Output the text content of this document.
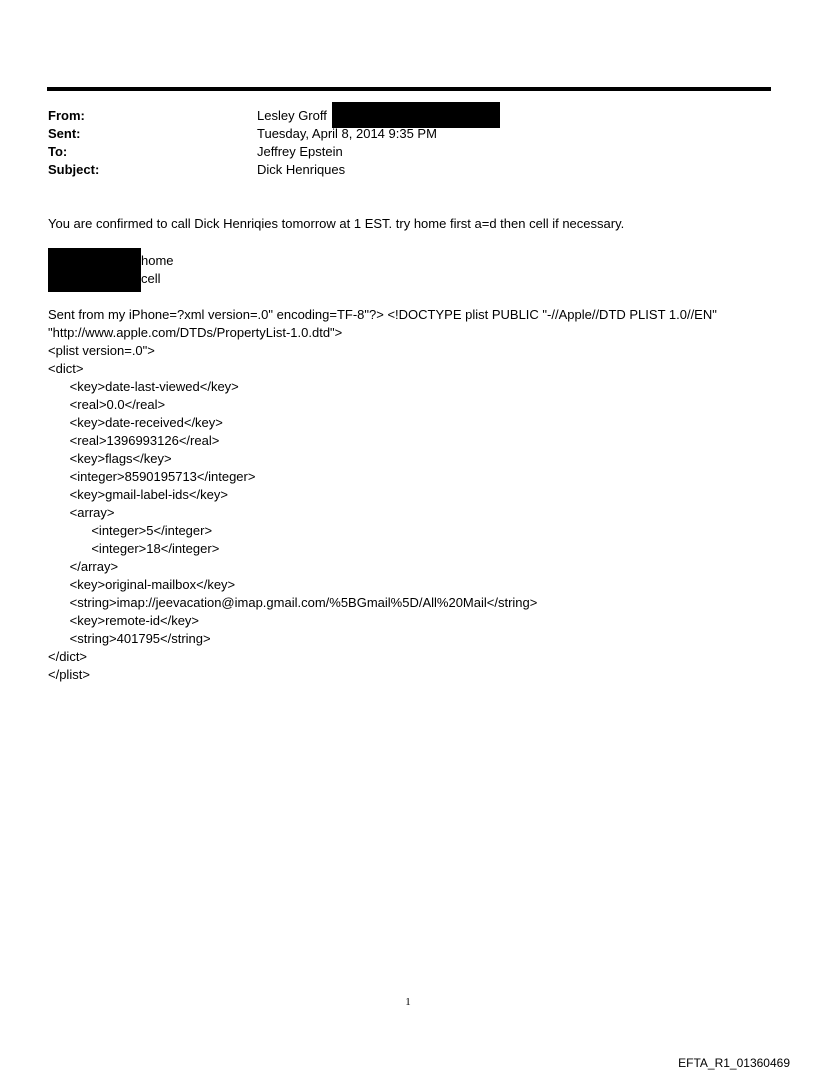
From:	Lesley Groff
Sent:	Tuesday, April 8, 2014 9:35 PM
To:	Jeffrey Epstein
Subject:	Dick Henriques
You are confirmed to call Dick Henriqies tomorrow at 1 EST. try home first a=d then cell if necessary.
home
cell
Sent from my iPhone=?xml version=.0" encoding=TF-8"?> <!DOCTYPE plist PUBLIC "-//Apple//DTD PLIST 1.0//EN"
"http://www.apple.com/DTDs/PropertyList-1.0.dtd">
<plist version=.0">
<dict>
	<key>date-last-viewed</key>
	<real>0.0</real>
	<key>date-received</key>
	<real>1396993126</real>
	<key>flags</key>
	<integer>8590195713</integer>
	<key>gmail-label-ids</key>
	<array>
		<integer>5</integer>
		<integer>18</integer>
	</array>
	<key>original-mailbox</key>
	<string>imap://jeevacation@imap.gmail.com/%5BGmail%5D/All%20Mail</string>
	<key>remote-id</key>
	<string>401795</string>
</dict>
</plist>
1
EFTA_R1_01360469
